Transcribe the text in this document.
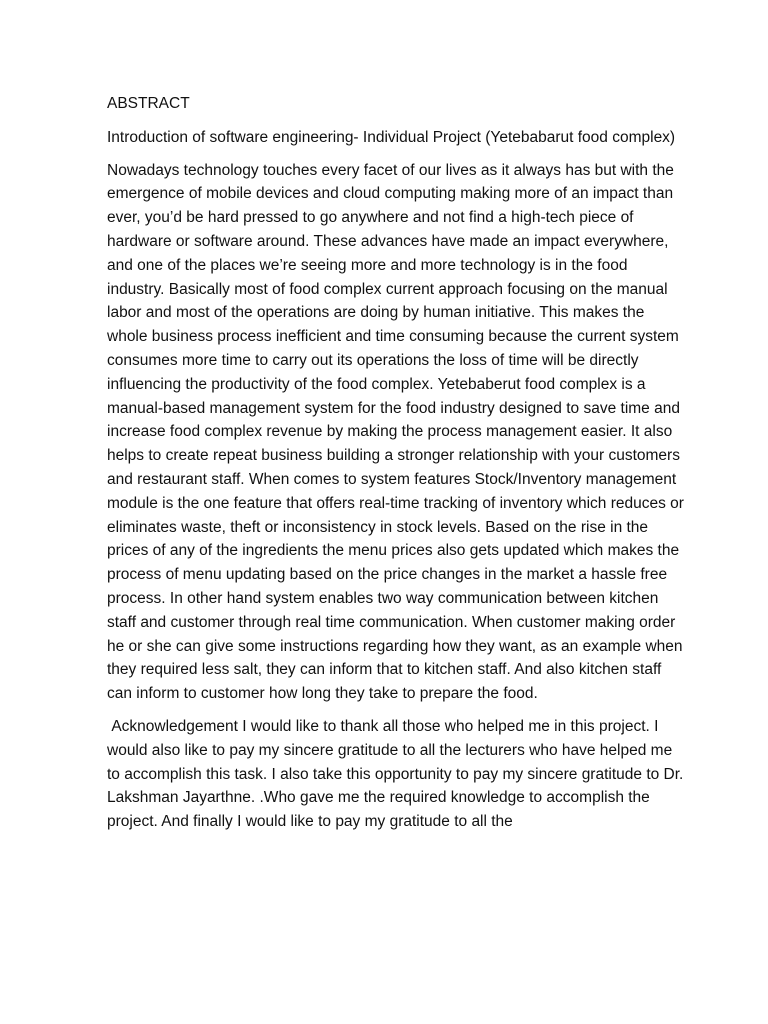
ABSTRACT

Introduction of software engineering- Individual Project (Yetebabarut food complex)

Nowadays technology touches every facet of our lives as it always has but with the emergence of mobile devices and cloud computing making more of an impact than ever, you’d be hard pressed to go anywhere and not find a high-tech piece of hardware or software around. These advances have made an impact everywhere, and one of the places we’re seeing more and more technology is in the food industry. Basically most of food complex current approach focusing on the manual labor and most of the operations are doing by human initiative. This makes the whole business process inefficient and time consuming because the current system consumes more time to carry out its operations the loss of time will be directly influencing the productivity of the food complex. Yetebaberut food complex is a manual-based management system for the food industry designed to save time and increase food complex revenue by making the process management easier. It also helps to create repeat business building a stronger relationship with your customers and restaurant staff. When comes to system features Stock/Inventory management module is the one feature that offers real-time tracking of inventory which reduces or eliminates waste, theft or inconsistency in stock levels. Based on the rise in the prices of any of the ingredients the menu prices also gets updated which makes the process of menu updating based on the price changes in the market a hassle free process. In other hand system enables two way communication between kitchen staff and customer through real time communication. When customer making order he or she can give some instructions regarding how they want, as an example when they required less salt, they can inform that to kitchen staff. And also kitchen staff can inform to customer how long they take to prepare the food.

Acknowledgement I would like to thank all those who helped me in this project. I would also like to pay my sincere gratitude to all the lecturers who have helped me to accomplish this task. I also take this opportunity to pay my sincere gratitude to Dr. Lakshman Jayarthne. .Who gave me the required knowledge to accomplish the project. And finally I would like to pay my gratitude to all the
